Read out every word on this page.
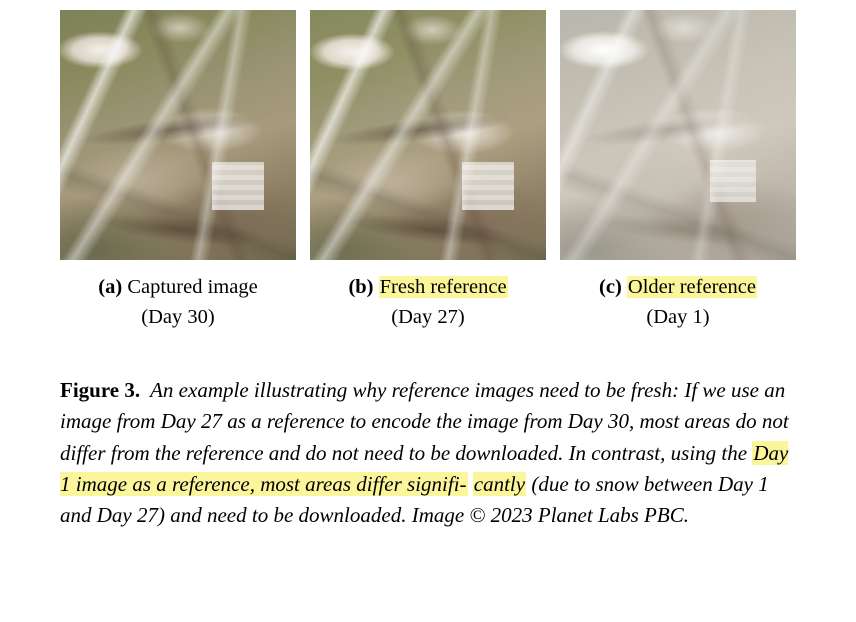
(a) Captured image
(Day 30)
(b) Fresh reference
(Day 27)
(c) Older reference
(Day 1)
Figure 3. An example illustrating why reference images need to be fresh: If we use an image from Day 27 as a reference to encode the image from Day 30, most areas do not differ from the reference and do not need to be downloaded. In contrast, using the Day 1 image as a reference, most areas differ signifi- cantly (due to snow between Day 1 and Day 27) and need to be downloaded. Image © 2023 Planet Labs PBC.
